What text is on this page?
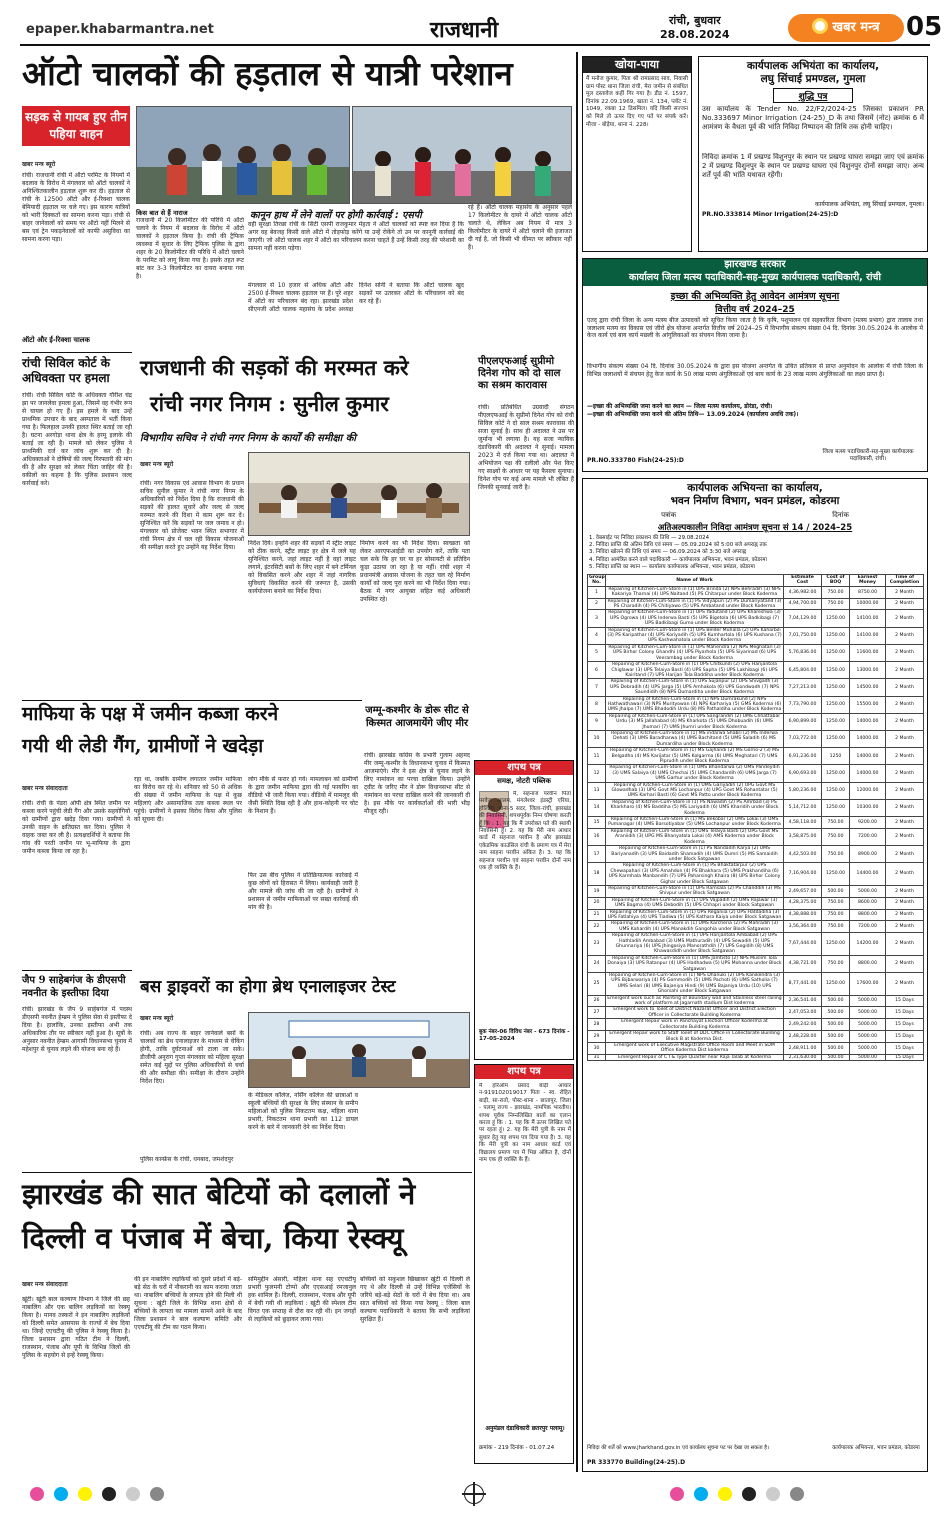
epaper.khabarmantra.net	राजधानी	रांची, बुधवार
28.08.2024	खबर मन्त्र	05
ऑटो चालकों की हड़ताल से यात्री परेशान
सड़क से गायब हुए तीन पहिया वाहन
खबर मन्त्र ब्यूरो
रांची। राजधानी रांची में ऑटो परमिट के नियमों में बदलाव के विरोध में मंगलवार को ऑटो चालकों ने अनिश्चितकालीन हड़ताल शुरू कर दी। हड़ताल से रांची के 12500 ऑटो और ई-रिक्शा चालक बेमियादी हड़ताल पर चले गए। इस कारण यात्रियों को भारी दिक्कतों का सामना करना पड़ा। रांची से बाहर जानेवालों को समय पर ऑटो नहीं मिलने से बस एवं ट्रेन पकड़नेवालों को काफी असुविधा का सामना करना पड़ा।
ऑटो और ई-रिक्शा चालक
कानून हाथ में लेने वालों पर होगी कार्रवाई : एसपी
किस बात से हैं नाराज
राजधानी में 20 किलोमीटर की परिधि में ऑटो चलाने के नियम में बदलाव के विरोध में ऑटो चालकों ने हड़ताल किया है। रांची की ट्रैफिक व्यवस्था में सुधार के लिए ट्रैफिक पुलिस के द्वारा शहर के 20 किलोमीटर की परिधि में ऑटो चलाने के परमिट को लागू किया गया है। इसके तहत रूट बांट कर 3-3 किलोमीटर का दायरा बनाया गया है।
वही सुरक्षा तिरछा रांची के सिटी एसपी राजकुमार मेहता ने ऑटो चालकों को स्पष्ट कर दिया है कि अगर वह बेवजह किसी वाले ऑटो में तोड़फोड़ करेंगे या उन्हें रोकेंगे तो उन पर कानूनी कार्रवाई की जाएगी। जो ऑटो चालक शहर में ऑटो का परिचालन करना चाहते हैं उन्हें किसी तरह की परेशानी का सामना नहीं करना पड़ेगा।
मंगलवार से 10 हजार से अधिक ऑटो और 2500 ई-रिक्शा चालक हड़ताल पर हैं। पूरे शहर में ऑटो का परिचालन बंद रहा। झारखंड प्रदेश सीएनजी ऑटो चालक महासंघ के प्रदेश अध्यक्ष दिनेश सोनी ने बताया कि ऑटो चालक खुद सड़कों पर उतरकर ऑटो के परिचालन को बंद कर रहे हैं।
रहे हैं। ऑटो चालक महासंघ के अनुसार पहले 17 किलोमीटर के दायरे में ऑटो चालक ऑटो चलाते थे, लेकिन अब नियम में मात्र 3 किलोमीटर के दायरे में ऑटो चलाने की इजाजत दी गई है, जो किसी भी कीमत पर स्वीकार नहीं है।
रांची सिविल कोर्ट के अधिवक्ता पर हमला
रांची। रांची सिविल कोर्ट के अधिवक्ता गौरीश चंद्र झा पर जानलेवा हमला हुआ, जिसमें वह गंभीर रूप से घायल हो गए हैं। इस हमले के बाद उन्हें प्राथमिक उपचार के बाद अस्पताल में भर्ती किया गया है। फिलहाल उनकी हालत स्थिर बताई जा रही है। घटना अरगोड़ा थाना क्षेत्र के हरमू इलाके की बताई जा रही है। मामले को लेकर पुलिस ने प्राथमिकी दर्ज कर जांच शुरू कर दी है। अधिवक्ताओं ने दोषियों की जल्द गिरफ्तारी की मांग की है और सुरक्षा को लेकर चिंता जाहिर की है। वकीलों का कहना है कि पुलिस प्रशासन जल्द कार्रवाई करे।
राजधानी की सड़कों की मरम्मत करे
रांची नगर निगम : सुनील कुमार
विभागीय सचिव ने रांची नगर निगम के कार्यों की समीक्षा की
खबर मन्त्र ब्यूरो
रांची। नगर विकास एवं आवास विभाग के प्रधान सचिव सुनील कुमार ने रांची नगर निगम के अधिकारियों को निर्देश दिया है कि राजधानी की सड़कों की हालत सुधारें और जल्द से जल्द मरम्मत करने की दिशा में काम शुरू कर दें। सुनिश्चित करें कि सड़कों पर जल जमाव न हो। मंगलवार को प्रोजेक्ट भवन स्थित सभागार में रांची निगम क्षेत्र में चल रही विकास योजनाओं की समीक्षा करते हुए उन्होंने यह निर्देश दिया।
निर्देश दिये। इन्होंने शहर की सड़कों में स्ट्रीट लाइट को ठीक करने, स्ट्रीट लाइट हर क्षेत्र में जले यह सुनिश्चित करने, जहां लाइट नहीं है वहां लाइट लगाने, इंटरसिटी बसों के लिए शहर में बने टर्मिनल को विकसित करने और शहर में जहां नागरिक सुविधाएं विकसित करने की जरूरत है, उसकी कार्ययोजना बनाने का निर्देश दिया।
निर्माण करने का भी निर्देश दिया। स्वच्छता को लेकर आरएफआईडी का उपयोग करें, ताकि पता चल सके कि हर घर या हर सोसायटी से प्रतिदिन कूड़ा उठाया जा रहा है या नहीं। रांची शहर में प्रधानमंत्री आवास योजना के तहत चल रहे निर्माण कार्यों को जल्द पूरा करने का भी निर्देश दिया गया। बैठक में नगर आयुक्त सहित कई अधिकारी उपस्थित रहे।
पीएलएफआई सुप्रीमो दिनेश गोप को दो साल का सश्रम कारावास
रांची। प्रतिबंधित उग्रवादी संगठन पीएलएफआई के सुप्रीमो दिनेश गोप को रांची सिविल कोर्ट ने दो साल सश्रम कारावास की सजा सुनाई है। साथ ही अदालत ने उस पर जुर्माना भी लगाया है। यह सजा न्यायिक दंडाधिकारी की अदालत ने सुनाई। मामला 2023 में दर्ज किया गया था। अदालत ने अभियोजन पक्ष की दलीलों और पेश किए गए साक्ष्यों के आधार पर यह फैसला सुनाया। दिनेश गोप पर कई अन्य मामले भी लंबित हैं जिनकी सुनवाई जारी है।
माफिया के पक्ष में जमीन कब्जा करने
गयी थी लेडी गैंग, ग्रामीणों ने खदेड़ा
खबर मन्त्र संवाददाता
रांची। रांची के पंडरा ओपी क्षेत्र स्थित जमीन पर कब्जा करने पहुंची लेडी गैंग और उसके सहयोगियों को ग्रामीणों द्वारा खदेड़ दिया गया। ग्रामीणों ने उनकी वाहन के क्षतिग्रस्त कर दिया। पुलिस ने वाहक जब्त कर ली है। प्रत्यक्षदर्शियों ने बताया कि गांव की परती जमीन पर भू-माफिया के द्वारा जमीन कब्जा किया जा रहा है।
रहा था, जबकि ग्रामीण लगातार जमीन माफिया का विरोध कर रहे थे। शनिवार को 50 से अधिक की संख्या में जमीन माफिया के पक्ष में कुछ महिलाएं और असामाजिक तत्व कब्जा स्थल पर पहुंचे। ग्रामीणों ने इसका विरोध किया और पुलिस को सूचना दी।
लोग मौके से फरार हो गये। मामलाबन को ग्रामीणों के द्वारा जमीन माफिया द्वारा की गई फायरिंग का वीडियो भी जारी किया गया। वीडियो में मामलूद की जैसी स्थिति दिख रही है और हाथ-कोहनी पर चोट के निशान हैं।
फिर उस बीच पुलिस ने प्रतिक्रियात्मक कार्रवाई में कुछ लोगों को हिरासत में लिया। कार्यवाही जारी है और मामले की जांच की जा रही है। ग्रामीणों ने प्रशासन से जमीन माफियाओं पर सख्त कार्रवाई की मांग की है।
जम्मू-कश्मीर के डोरू सीट से किस्मत आजमायेंगे जीए मीर
रांची। झारखंड कांग्रेस के प्रभारी गुलाम अहमद मीर जम्मू-कश्मीर के विधानसभा चुनाव में किस्मत आजमाएंगे। मीर ने इस क्षेत्र से चुनाव लड़ने के लिए नामांकन का परचा दाखिल किया। उन्होंने ट्वीट के जरिए मीर ने डोरू विधानसभा सीट से नामांकन का परचा दाखिल करने की जानकारी दी है। इस मौके पर कार्यकर्ताओं की भारी भीड़ मौजूद रही।
शपथ पत्र
समक्ष, नोटरी पब्लिक
मैं, सहनाज परवीन पिता परवेज आलम, मंगलेश्वर इंडस्ट्री एरिया, होल्डिंग, थाना-5 सदर, जिला-रांची, झारखंड की निवासिनी, शपथपूर्वक निम्न घोषणा करती हूँ कि : 1. यह कि मैं उपरोक्त पते की स्थायी निवासिनी हूँ। 2. यह कि मेरी नाम आधार कार्ड में सहनाज परवीन है और झारखंड एकेडमिक काउंसिल रांची के प्रमाण पत्र में मेरा नाम साहना परवीन अंकित है। 3. यह कि सहनाज परवीन एवं साहना परवीन दोनों नाम एक ही व्यक्ति के हैं।
बुक नंबर-06 विविध नंबर - 673 दिनांक - 17-05-2024
जैप 9 साहेबगंज के डीएसपी नवनीत के इस्तीफा दिया
रांची। झारखंड के जैप 9 साहेबगंज में पदस्थ डीएसपी नवनीत हेम्ब्रम ने पुलिस सेवा से इस्तीफा दे दिया है। हालांकि, उनका इस्तीफा अभी तक अधिकारिक तौर पर स्वीकार नहीं हुआ है। सूत्रों के अनुसार नवनीत हेम्ब्रम आगामी विधानसभा चुनाव में महेशपुर से चुनाव लड़ने की योजना बना रहे हैं।
बस ड्राइवरों का होगा ब्रेथ एनालाइजर टेस्ट
खबर मन्त्र ब्यूरो
रांची। अब राज्य के बाहर जानेवाले बसों के चालकों का ब्रेथ एनालाइजर के माध्यम से चेकिंग होगी, ताकि दुर्घटनाओं को टाला जा सके। डीजीपी अनुराग गुप्ता मंगलवार को महिला सुरक्षा समेत कई मुद्दों पर पुलिस अधिकारियों से चर्चा की और समीक्षा की। समीक्षा के दौरान उन्होंने निर्देश दिए।
के मेडिकल कॉलेज, नर्सिंग कॉलेज की छात्राओं व स्कूली बच्चियों की सुरक्षा के लिए संस्थान के समीप महिलाओं को पुलिस निकटतम कक्ष, महिला थाना प्रभारी, निकटतम थाना प्रभारी का 112 डायल करने के बारे में जानकारी देने का निर्देश दिया।
पुलिस कान्फ्रेंस के रांची, धनबाद, जमशेदपुर
झारखंड की सात बेटियों को दलालों ने
दिल्ली व पंजाब में बेचा, किया रेस्क्यू
खबर मन्त्र संवाददाता
खूंटी। खूंटी बाल कल्याण विभाग ने जिले की छह नाबालिग और एक बालिग लड़कियों का रेस्क्यू किया है। मानव तस्करों ने इन नाबालिग लड़कियों को दिल्ली समेत आसपास के राज्यों में बेच दिया था। जिन्हें एएचटीयू की पुलिस ने रेस्क्यू किया है। जिला प्रशासन द्वारा गठित टीम ने दिल्ली, राजस्थान, पंजाब और यूपी के विभिन्न जिलों की पुलिस के सहयोग से इन्हें रेस्क्यू किया।
की इन नाबालिग लड़कियों को दूसरे प्रदेशों में बड़े-बड़े सेठ के घरों में नौकरानी का काम कराया जाता था। नाबालिग बच्चियों के लापता होने की मिली थी सूचना : खूंटी जिले के विभिन्न थाना क्षेत्रों से बच्चियों के लापता का मामला सामने आने के बाद जिला प्रशासन ने बाल कल्याण समिति और एएचटीयू की टीम का गठन किया।
समिमुद्दीन अंसारी, महिला थाना सह एएचटीयू प्रभारी फुलमनी टोप्पो और एएसआई रमजानुल हक शामिल हैं। दिल्ली, राजस्थान, पंजाब और यूपी में बेची गयी थी लड़कियां : खूंटी की स्पेशल टीम विगत एक सप्ताह से दौरा कर रही थी। इन जगहों से लड़कियों को छुड़ाकर लाया गया।
बच्चियों को सकुशल खिखाकर खूंटी से दिल्ली ले गए थे और दिल्ली से उन्हें विभिन्न एजेंसियों के जरिये बड़े-बड़े सेठों के घरों में बेच दिया था। अब सात बच्चियों को किया गया रेस्क्यू : जिला बाल कल्याण पदाधिकारी ने बताया कि सभी लड़कियां सुरक्षित हैं।
शपथ पत्र
मैं हरिओम प्रसाद बाड़ी आधार न-919102019017 पिता - स्व. रोहित बाड़ी, सा-रातो, पोस्ट-थाना - छातापुर, जिला - पलामू राज्य - झारखंड, नामपिक भारतीय। शपथ पूर्वक निम्नलिखित बातों का एलान करता हूं कि : 1. यह कि मैं ऊपर लिखित पते पर रहता हूं। 2. यह कि मेरी पुत्री के नाम में सुधार हेतु यह शपथ पत्र दिया गया है। 3. यह कि मेरी पुत्री का नाम आधार कार्ड एवं विद्यालय प्रमाण पत्र में भिन्न अंकित है, दोनों नाम एक ही व्यक्ति के हैं।
अनुमंडल दंडाधिकारी छतरपुर पलामू।
क्रमांक - 219 दिनांक - 01.07.24
खोया-पाया
मैं मनोज कुमार, पिता श्री रामप्रसाद साव, निवासी ग्राम पोस्ट थाना जिला रांची, मेरा जमीन से संबंधित मूल दस्तावेज कहीं गिर गया है। डीड नं. 1597, दिनांक 22.09.1969, खाता नं. 134, प्लॉट नं. 1049, रकबा 12 डिसमिल। यदि किसी सज्जन को मिले तो ऊपर दिए गए पते पर संपर्क करें। मौजा - बोड़ेया, थाना नं. 228।
कार्यपालक अभियंता का कार्यालय,
लघु सिंचाई प्रमण्डल, गुमला
शुद्धि पत्र
उस कार्यालय के Tender No. 22/F2/2024-25 जिसका प्रकाशन PR No.333697 Minor Irrigation (24-25)_D के तथा जिसमें (नोट) क्रमांक 6 में आमंत्रण के वैधता पूर्व की भांति निविदा निष्पादन की तिथि तक होनी चाहिए।
निविदा क्रमांक 1 में प्रखण्ड विशुनपुर के स्थान पर प्रखण्ड घाघरा समझा जाए एवं क्रमांक 2 में प्रखण्ड विशुनपुर के स्थान पर प्रखण्ड घाघरा एवं विशुनपुर दोनों समझा जाए। अन्य शर्तें पूर्व की भांति यथावत रहेंगी।
कार्यपालक अभियंता, लघु सिंचाई प्रमण्डल, गुमला।
PR.NO.333814 Minor Irrigation(24-25):D
झारखण्ड सरकार
कार्यालय जिला मत्स्य पदाधिकारी-सह-मुख्य कार्यपालक पदाधिकारी, रांची
इच्छा की अभिव्यक्ति हेतु आवेदन आमंत्रण सूचना
वित्तीय वर्ष 2024–25
एतद् द्वारा रांची जिला के अन्य मत्स्य बीज उत्पादकों को सूचित किया जाता है कि कृषि, पशुपालन एवं सहकारिता विभाग (मत्स्य प्रभाग) द्वारा तालाब तथा जलाशय मत्स्य का विकास एवं जीरो क्षेत्र योजना अन्तर्गत वित्तीय वर्ष 2024–25 में विभागीय संकल्प संख्या 04 दि. दिनांक 30.05.2024 के आलोक में केज कार्य एवं बाय कार्य मछली के आंगुलिकाओं का संचयन किया जाना है।
विभागीय संकल्प संख्या 04 दि. दिनांक 30.05.2024 के द्वारा इस योजना अन्तर्गत के उचित प्रतिकार से प्राप्त अनुमोदन के आलोक में रांची जिला के विभिन्न जलाशयों में संचयन हेतु केज कार्य के 50 लाख मत्स्य अंगुलिकाओं एवं बाय कार्य के 23 लाख मत्स्य अंगुलिकाओं का लक्ष्य प्राप्त है।
—इच्छा की अभिव्यक्ति जमा करने का स्थान — जिला मत्स्य कार्यालय, डोरंडा, रांची।
—इच्छा की अभिव्यक्ति जमा करने की अंतिम तिथि— 13.09.2024 (कार्यालय अवधि तक)।
PR.NO.333780 Fish(24-25):D
जिला मत्स्य पदाधिकारी-सह-मुख्य कार्यपालक पदाधिकारी, रांची।
कार्यपालक अभियन्ता का कार्यालय,
भवन निर्माण विभाग, भवन प्रमंडल, कोडरमा
पत्रांक	दिनांक
अतिअल्पकालीन निविदा आमंत्रण सूचना सं 14 / 2024–25
1. वेबसाईट पर निविदा प्रकाशन की तिथि — 29.08.2024
2. निविदा प्राप्ति की अंतिम तिथि एवं समय — 05.09.2024 को 5:00 बजे अपराह्न तक
3. निविदा खोलने की तिथि एवं समय — 06.09.2024 को 3:30 बजे अपराह्न
4. निविदा आमंत्रित करने वाले पदाधिकारी — कार्यपालक अभियन्ता, भवन प्रमंडल, कोडरमा
5. निविदा प्राप्ति का स्थान — कार्यालय कार्यपालक अभियन्ता, भवन प्रमंडल, कोडरमा
Group No.	Name of Work	Estimate Cost	Cost of BOQ	Earnest Money	Time of Completion
1	Repairing of Kitchen-Cum-Store in (1) UPS Brinda (2) NPS Behradih (3) NPS Kakariya Tharnai (4) UPS Naitand (5) PS Chitarpur under Block Koderma	4,36,982.00	750.00	8750.00	2 Month
2	Repairing of Kitchen-Cum-Store in (1) PS Vidyapuri (2) PS Dumariyatand (3) PS Charadih (4) PS Chitiyawo (5) UPS Ambatand under Block Koderma	4,94,700.00	750.00	10000.00	2 Month
3	Repairing of Kitchen-Cum-Store in (1) UPS Yadutand (2) UPS Khareshwa (3) UPS Ogrowa (4) UPS Inderwa Basti (5) UPS Bigetola (6) UPS Badkibagi (7) UPS Badkibagi Gumo under Block Koderma	7,04,129.00	1250.00	14100.00	2 Month
4	Repairing of Kitchen-Cum-Store in (1) UPS Belder Muhalla (2) UPS Kaharbili (3) PS Karipathar (4) UPS Koriyadih (5) UPS Kumhartola (6) UPS Kushana (7) UPS Kashwahatola under Block Koderma	7,01,750.00	1250.00	14100.00	2 Month
5	Repairing of Kitchen-Cum-Store in (1) UPS Mahendra (2) NPS Meghatari (3) UPS Birhor Colony Ghandhi (4) UPS Piyarhola (5) UPS Siyarinad (6) UPS Veerambag under Block Koderma	5,76,836.00	1250.00	11600.00	2 Month
6	Repairing of Kitchen-Cum-Store in (1) UPS Chitkundi (2) UPS Harijantola Chiglawar (3) UPS Telaiya Basti (4) UPS Sapha (5) UPS Lakhibagi (6) UPS Kairitand (7) UPS Harijan Tola Baddiha under Block Koderma	6,45,804.00	1250.00	13000.00	2 Month
7	Repairing of Kitchen-Cum-Store in (1) UPS Sujanpur (2) UPS Shivgadh (3) UPS Debradih (4) UPS Jarga (5) UPS Amhakola (6) UPS Gondwadh (7) NPS Saundidih (8) NPS Dumardiha under Block Koderma	7,27,213.00	1250.00	14500.00	2 Month
8	Repairing of Kitchen-Cum-Store in (1) NPS Dumrakund (2) NPS Hathwathawari (3) NPS Murityowan (4) NPS Karhariya (5) GMS Koderma (6) UMS Jhalpo (7) UMS Bhadodih Urdu (8) MS Pathaldiha under Block Koderma	7,73,790.00	1250.00	15500.00	2 Month
9	Repairing of Kitchen-Cum-Store in (1) UPS Sangrandih (2) UMS Chhattabar Urdu (3) MS Jallahabad (4) MS Kharkota (5) UMS Dhobuadih (6) UMS Jhumari (7) UMS Jhumri under Block Koderma	6,90,899.00	1250.00	14000.00	2 Month
10	Repairing of Kitchen-Cum-Store in (1) MS indarwa Shabri (2) MS Inderwa Dehati (3) UMS Baradharwa (4) UMS Bachitand (5) UMS Saladih (6) MS Dumardiha under Block Koderma	7,03,772.00	1250.00	14000.00	2 Month
11	Repairing of Kitchen-Cum-Store in (1) MS Gajhandi (2) MS Gorno-2 (3) MS Belgadha (4) MS Karijatar (5) UMS Kolgarma (6) UMS Meghatari (7) UMS Piprudih under Block Koderma	6,91,236.00	1250	14000.00	2 Month
12	Repairing of Kitchen-Cum-Store in (1) UMS Bhandarwa (2) UMS Pandeydih (3) UMS Salaiya (4) UMS Chechai (5) UMS Chandardih (6) UMS Jarga (7) UMS Garhur under Block Koderma	6,90,693.00	1250.00	14000.00	2 Month
13	Repairing of Kitchen-Cum-Store in (1) UMS Gariyadih (2) UPG Govt MS Glowadhab (3) UPG Govt MS Lochanpur (4) UPG Govt MS Rohantatar (5) UMS Karhari Basti (6) Govt MS Patto under Block Koderma	5,80,236.00	1250.00	12000.00	2 Month
14	Repairing of Kitchen-Cum-Store in (1) PS Nawadih (2) PS Amrbad (3) PS Kharkharo (4) MS Baddiha (5) MS Lariyadih (6) UMS Kharidih under Block Koderma	5,14,712.00	1250.00	10300.00	2 Month
15	Repairing of Kitchen-Cum-Store in (1) MS Bekobar (2) UMS Lokai (3) UMS Pumanagar (4) UMS Barsotiyabar (5) UMS Lochanpur under Block Koderma	4,58,118.00	750.00	9200.00	2 Month
16	Repairing of Kitchen-Cum-Store in (1) UMS Telaiya Basti (2) UPG Govt MS Araniidih (3) UPG MS Bhanyatola Lokai (4) AMS Koderma under Block Koderma	3,58,875.00	750.00	7200.00	2 Month
17	Repairing of Kitchen-Cum-Store in (1) PS Nandadih Karya (2) UMS Bariyanadih (3) UPS Baidadih Shamadih (4) UMS Dumri (5) MS Samaidih under Block Satgawan	4,42,503.00	750.00	8900.00	2 Month
18	Repairing of Kitchen-Cum-Store in (1) PS Bhaktatarpur (2) UPS Chewapahari (3) UPS Amahdon (4) PS Bhakhara (5) UMS Prakhandiha (6) UPS Karmhala Manbandih (7) UPS Paharsingh Khaira (8) UPS Birhor Colony Gighar under Block Satgawan	7,16,904.00	1250.00	14400.00	2 Month
19	Repairing of Kitchen-Cum-Store in (1) UPS Ramsala (2) PS Chanddih (3) MS Shivpur under Block Satgawan	2,49,657.00	500.00	5000.00	2 Month
20	Repairing of Kitchen-Cum-Store in (1) UPS Vajpadih (2) UMS Rajawar (3) UMS Bagma (4) UMS Debodih (5) UPS Chhapri under Block Satgawan	4,28,375.00	750.00	8600.00	2 Month
21	Repairing of Kitchen-Cum-Store in (1) UPS Reganiia (2) UPS Hatdadiha (3) UPS Fatlahiya (4) UPS Tiadiwa (5) UPS Kathara Kaiya under Block Satgawan	4,38,888.00	750.00	8800.00	2 Month
22	Repairing of Kitchen-Cum-Store in (1) UMS Karcheria (2) PS Mahradih (3) UMS Kahardih (4) UPS Manakdih Gangohia under Block Satgawan	3,56,364.00	750.00	7200.00	2 Month
23	Repairing of Kitchen-Cum-Store in (1) UPS Harijantola Ambabad (2) UPS Hathladih Ambabad (3) UMS Mathuradih (4) UPS Sewadih (5) UPS Ghunnariya (6) UPS Jhingosiya Manorathdih (7) UPS Gogidih (8) UMS Khawasdidh under Block Satgawan	7,67,444.00	1250.00	14200.00	2 Month
24	Repairing of Kitchen-Cum-Store in (1) UMS Jamtisto (2) NPS Muslim Tola Donaiya (3) UPS Ratanpur (4) UPS Hadhadwa (5) UPS Mohanna under Block Satgawan	4,38,721.00	750.00	8800.00	2 Month
25	Repairing of Kitchen-Cum-Store in (1) NPS Dhanuki (2) UPS Kanikendra (3) UPS Bijbarwariya (4) PS Gommodih (5) UMS Pachoti (6) UMS Satholia (7) UMS Selari (8) UMS Bajaniya Hindi (9) UMS Bajaniya Urdu (10) UPS Ghorsahi under Block Satgawan	8,77,441.00	1250.00	17600.00	2 Month
26	Emergent work such as Painting of Boundary wall and Stainless steel railing work of platform at Jagarnath stadium Dist koderma	2,36,541.00	500.00	5000.00	15 Days
27	Emergent work to Toilet of District Nazarat Officer and District Election Officer in Collectorate Building Koderma	2,47,053.00	500.00	5000.00	15 Days
28	Emergent Repair work in Panchayat Election Officer Koderma at Collectorate Building Koderma	2,49,242.00	500.00	5000.00	15 Days
29	Emergent Repair work to Staff Toilet of DDC Office in Collectorate Building Block B at Koderma Dist.	2,48,228.00	500.00	5000.00	15 Days
30	Emergent work of Executive Magistrate Office Room and Meet in SDM Office Koderma Dist koderma	2,48,911.00	500.00	5000.00	15 Days
31	Emergent Repair of C I & Type Quarter near Raja Talab at Koderma	2,31,630.00	500.00	5000.00	15 Days
निविदा की शर्तें को www.jharkhand.gov.in एवं कार्यालय सूचना पट पर देखा जा सकता है।
PR 333770 Building(24-25).D
कार्यपालक अभियन्ता, भवन प्रमंडल, कोडरमा
